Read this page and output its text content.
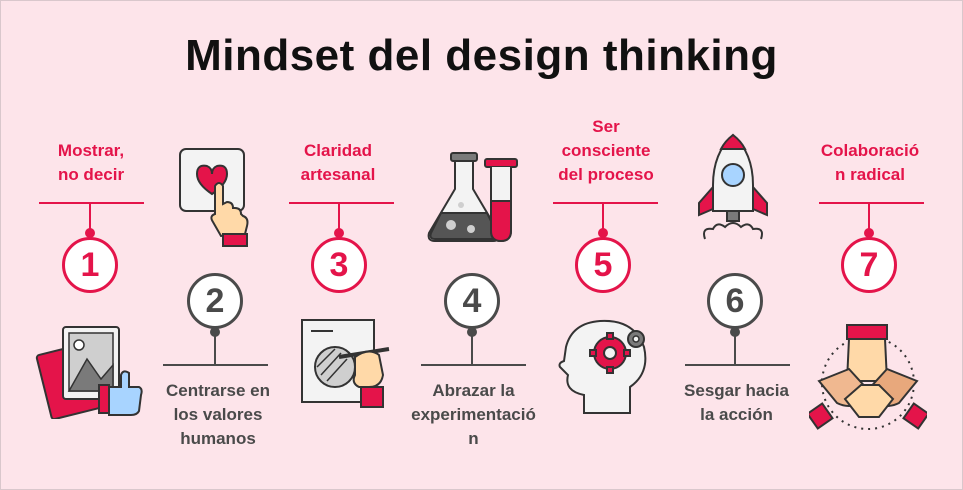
Mindset del design thinking
Mostrar,
no decir
1
2
Centrarse en
los valores
humanos
Claridad
artesanal
3
4
Abrazar la
experimentació
n
Ser
consciente
del proceso
5
6
Sesgar hacia
la acción
Colaboració
n radical
7
